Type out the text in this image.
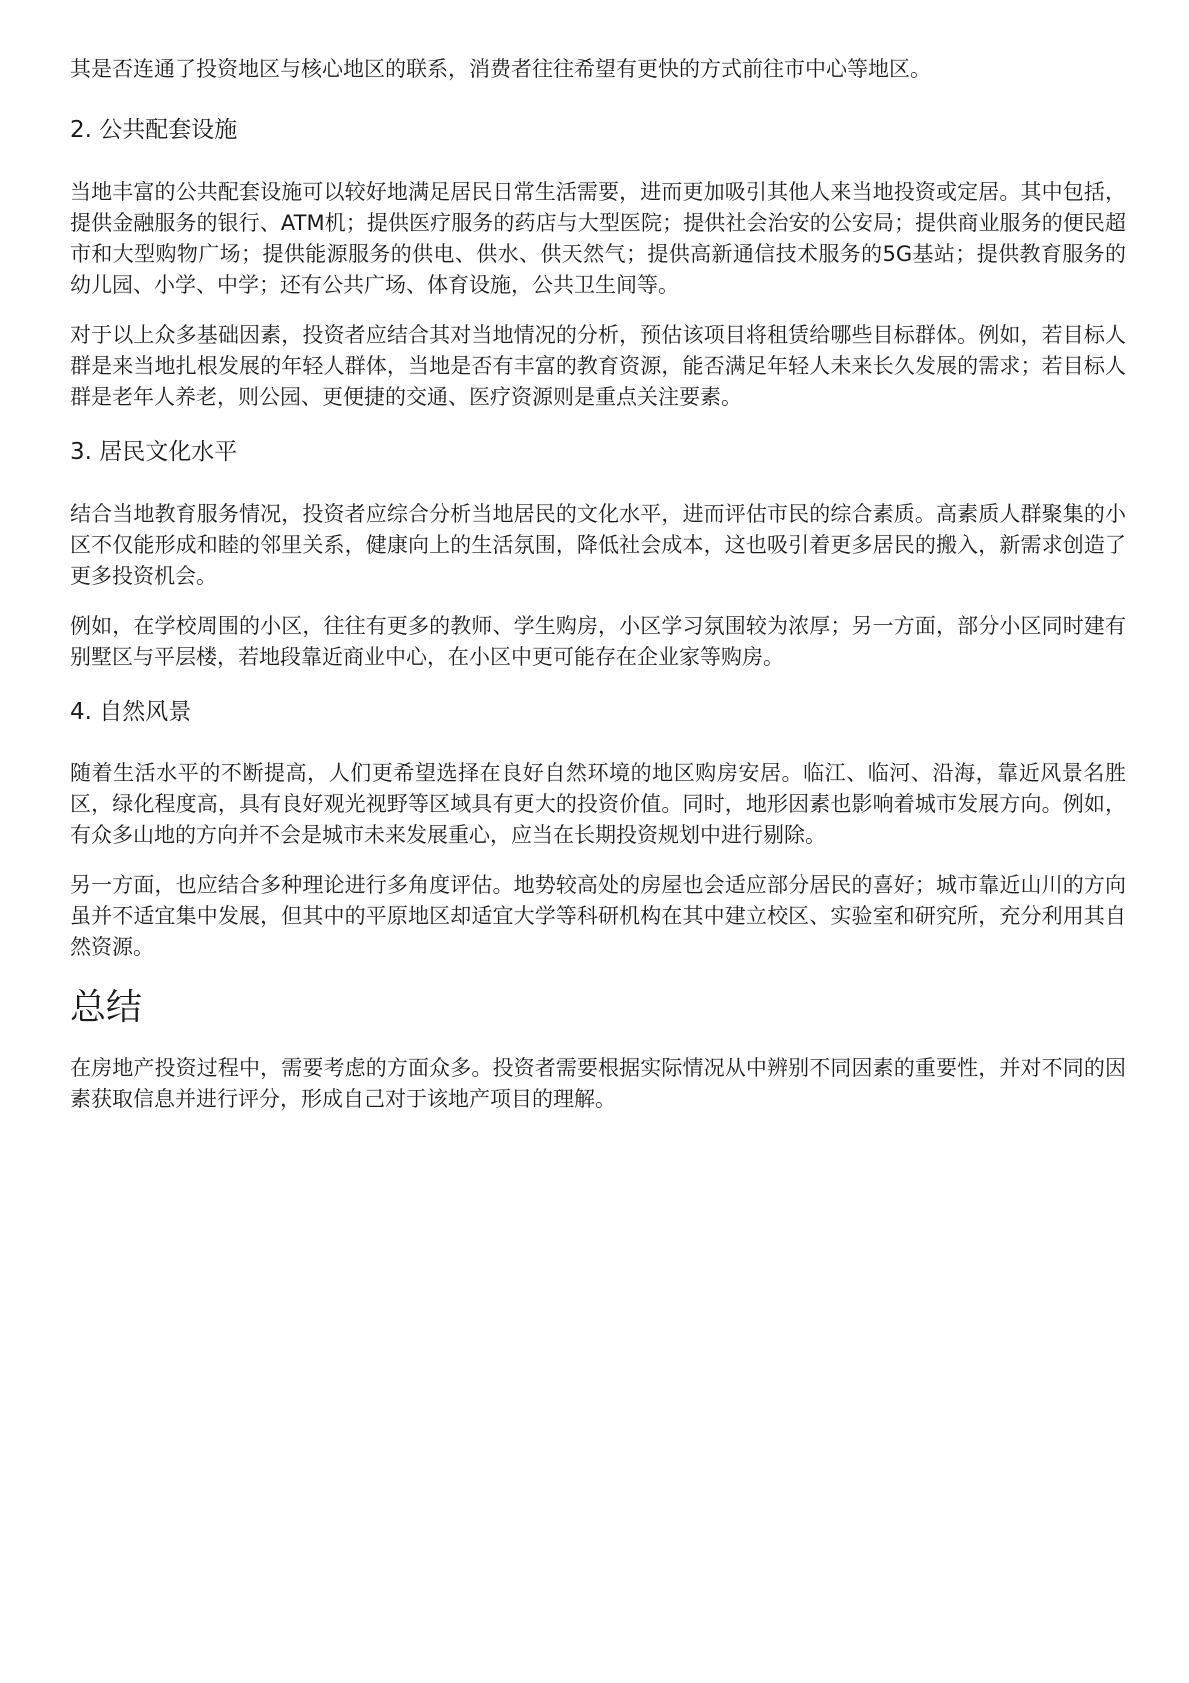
其是否连通了投资地区与核心地区的联系，消费者往往希望有更快的方式前往市中心等地区。

2. 公共配套设施

当地丰富的公共配套设施可以较好地满足居民日常生活需要，进而更加吸引其他人来当地投资或定居。其中包括，提供金融服务的银行、ATM机；提供医疗服务的药店与大型医院；提供社会治安的公安局；提供商业服务的便民超市和大型购物广场；提供能源服务的供电、供水、供天然气；提供高新通信技术服务的5G基站；提供教育服务的幼儿园、小学、中学；还有公共广场、体育设施，公共卫生间等。

对于以上众多基础因素，投资者应结合其对当地情况的分析，预估该项目将租赁给哪些目标群体。例如，若目标人群是来当地扎根发展的年轻人群体，当地是否有丰富的教育资源，能否满足年轻人未来长久发展的需求；若目标人群是老年人养老，则公园、更便捷的交通、医疗资源则是重点关注要素。

3. 居民文化水平

结合当地教育服务情况，投资者应综合分析当地居民的文化水平，进而评估市民的综合素质。高素质人群聚集的小区不仅能形成和睦的邻里关系，健康向上的生活氛围，降低社会成本，这也吸引着更多居民的搬入，新需求创造了更多投资机会。

例如，在学校周围的小区，往往有更多的教师、学生购房，小区学习氛围较为浓厚；另一方面，部分小区同时建有别墅区与平层楼，若地段靠近商业中心，在小区中更可能存在企业家等购房。

4. 自然风景

随着生活水平的不断提高，人们更希望选择在良好自然环境的地区购房安居。临江、临河、沿海，靠近风景名胜区，绿化程度高，具有良好观光视野等区域具有更大的投资价值。同时，地形因素也影响着城市发展方向。例如，有众多山地的方向并不会是城市未来发展重心，应当在长期投资规划中进行剔除。

另一方面，也应结合多种理论进行多角度评估。地势较高处的房屋也会适应部分居民的喜好；城市靠近山川的方向虽并不适宜集中发展，但其中的平原地区却适宜大学等科研机构在其中建立校区、实验室和研究所，充分利用其自然资源。

总结

在房地产投资过程中，需要考虑的方面众多。投资者需要根据实际情况从中辨别不同因素的重要性，并对不同的因素获取信息并进行评分，形成自己对于该地产项目的理解。
